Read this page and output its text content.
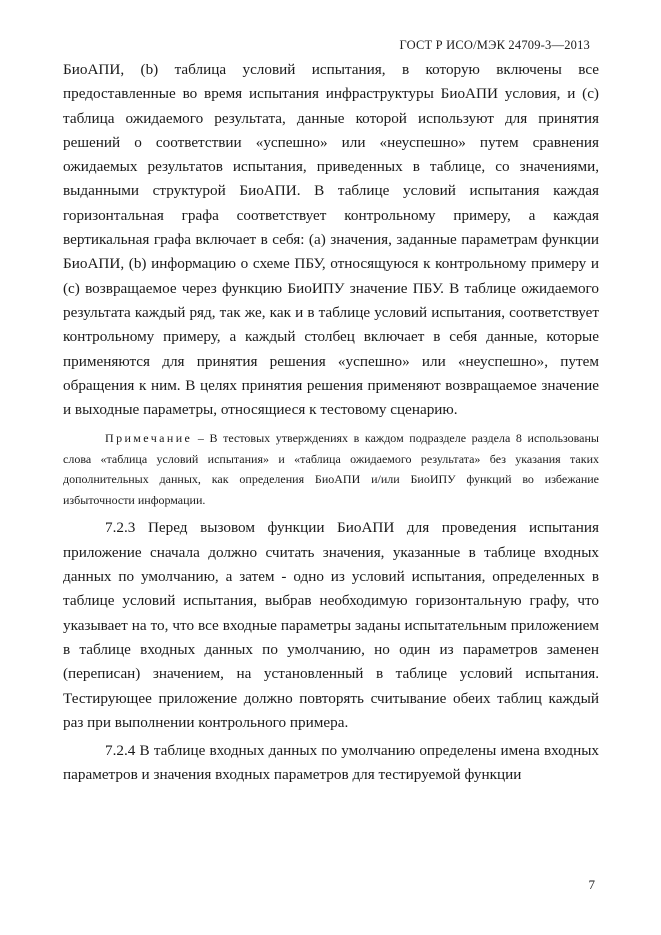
ГОСТ Р ИСО/МЭК 24709-3—2013

БиоАПИ, (b) таблица условий испытания, в которую включены все предоставленные во время испытания инфраструктуры БиоАПИ условия, и (с) таблица ожидаемого результата, данные которой используют для принятия решений о соответствии «успешно» или «неуспешно» путем сравнения ожидаемых результатов испытания, приведенных в таблице, со значениями, выданными структурой БиоАПИ. В таблице условий испытания каждая горизонтальная графа соответствует контрольному примеру, а каждая вертикальная графа включает в себя: (а) значения, заданные параметрам функции БиоАПИ, (b) информацию о схеме ПБУ, относящуюся к контрольному примеру и (с) возвращаемое через функцию БиоИПУ значение ПБУ. В таблице ожидаемого результата каждый ряд, так же, как и в таблице условий испытания, соответствует контрольному примеру, а каждый столбец включает в себя данные, которые применяются для принятия решения «успешно» или «неуспешно», путем обращения к ним. В целях принятия решения применяют возвращаемое значение и выходные параметры, относящиеся к тестовому сценарию.

Примечание – В тестовых утверждениях в каждом подразделе раздела 8 использованы слова «таблица условий испытания» и «таблица ожидаемого результата» без указания таких дополнительных данных, как определения БиоАПИ и/или БиоИПУ функций во избежание избыточности информации.

7.2.3 Перед вызовом функции БиоАПИ для проведения испытания приложение сначала должно считать значения, указанные в таблице входных данных по умолчанию, а затем - одно из условий испытания, определенных в таблице условий испытания, выбрав необходимую горизонтальную графу, что указывает на то, что все входные параметры заданы испытательным приложением в таблице входных данных по умолчанию, но один из параметров заменен (переписан) значением, на установленный в таблице условий испытания. Тестирующее приложение должно повторять считывание обеих таблиц каждый раз при выполнении контрольного примера.

7.2.4 В таблице входных данных по умолчанию определены имена входных параметров и значения входных параметров для тестируемой функции

7
